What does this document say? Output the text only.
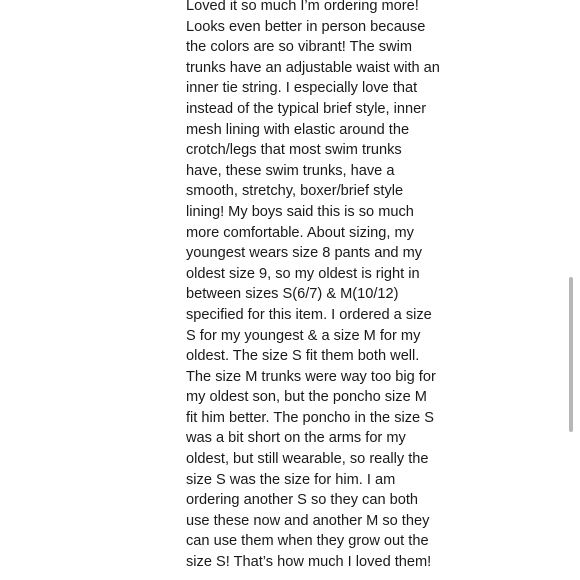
Loved it so much I’m ordering more!
Looks even better in person because
the colors are so vibrant! The swim
trunks have an adjustable waist with an
inner tie string. I especially love that
instead of the typical brief style, inner
mesh lining with elastic around the
crotch/legs that most swim trunks
have, these swim trunks, have a
smooth, stretchy, boxer/brief style
lining! My boys said this is so much
more comfortable. About sizing, my
youngest wears size 8 pants and my
oldest size 9, so my oldest is right in
between sizes S(6/7) & M(10/12)
specified for this item. I ordered a size
S for my youngest & a size M for my
oldest. The size S fit them both well.
The size M trunks were way too big for
my oldest son, but the poncho size M
fit him better. The poncho in the size S
was a bit short on the arms for my
oldest, but still wearable, so really the
size S was the size for him. I am
ordering another S so they can both
use these now and another M so they
can use them when they grow out the
size S! That’s how much I loved them!
